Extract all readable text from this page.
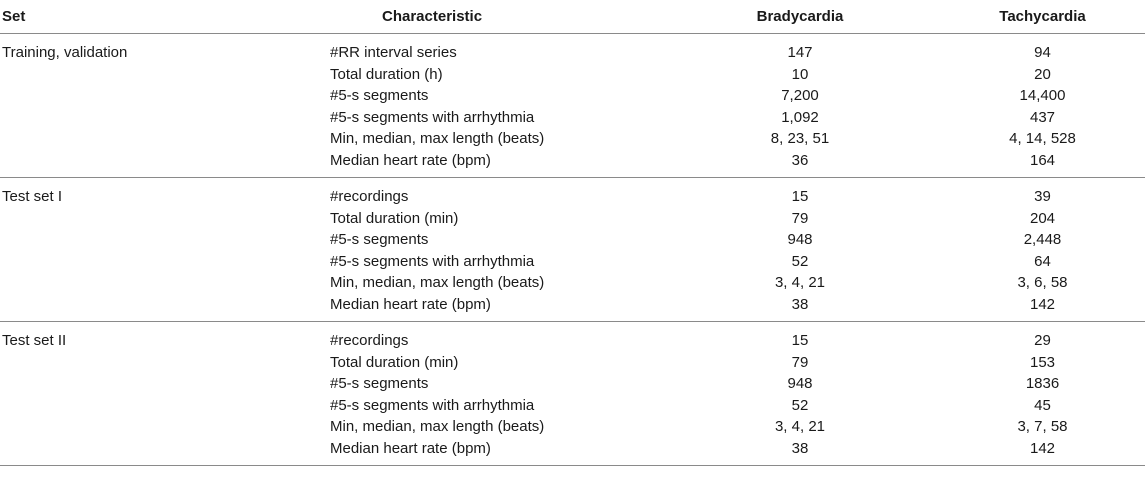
Set	Characteristic	Bradycardia	Tachycardia
Training, validation	#RR interval series	147	94
	Total duration (h)	10	20
	#5-s segments	7,200	14,400
	#5-s segments with arrhythmia	1,092	437
	Min, median, max length (beats)	8, 23, 51	4, 14, 528
	Median heart rate (bpm)	36	164
Test set I	#recordings	15	39
	Total duration (min)	79	204
	#5-s segments	948	2,448
	#5-s segments with arrhythmia	52	64
	Min, median, max length (beats)	3, 4, 21	3, 6, 58
	Median heart rate (bpm)	38	142
Test set II	#recordings	15	29
	Total duration (min)	79	153
	#5-s segments	948	1836
	#5-s segments with arrhythmia	52	45
	Min, median, max length (beats)	3, 4, 21	3, 7, 58
	Median heart rate (bpm)	38	142
